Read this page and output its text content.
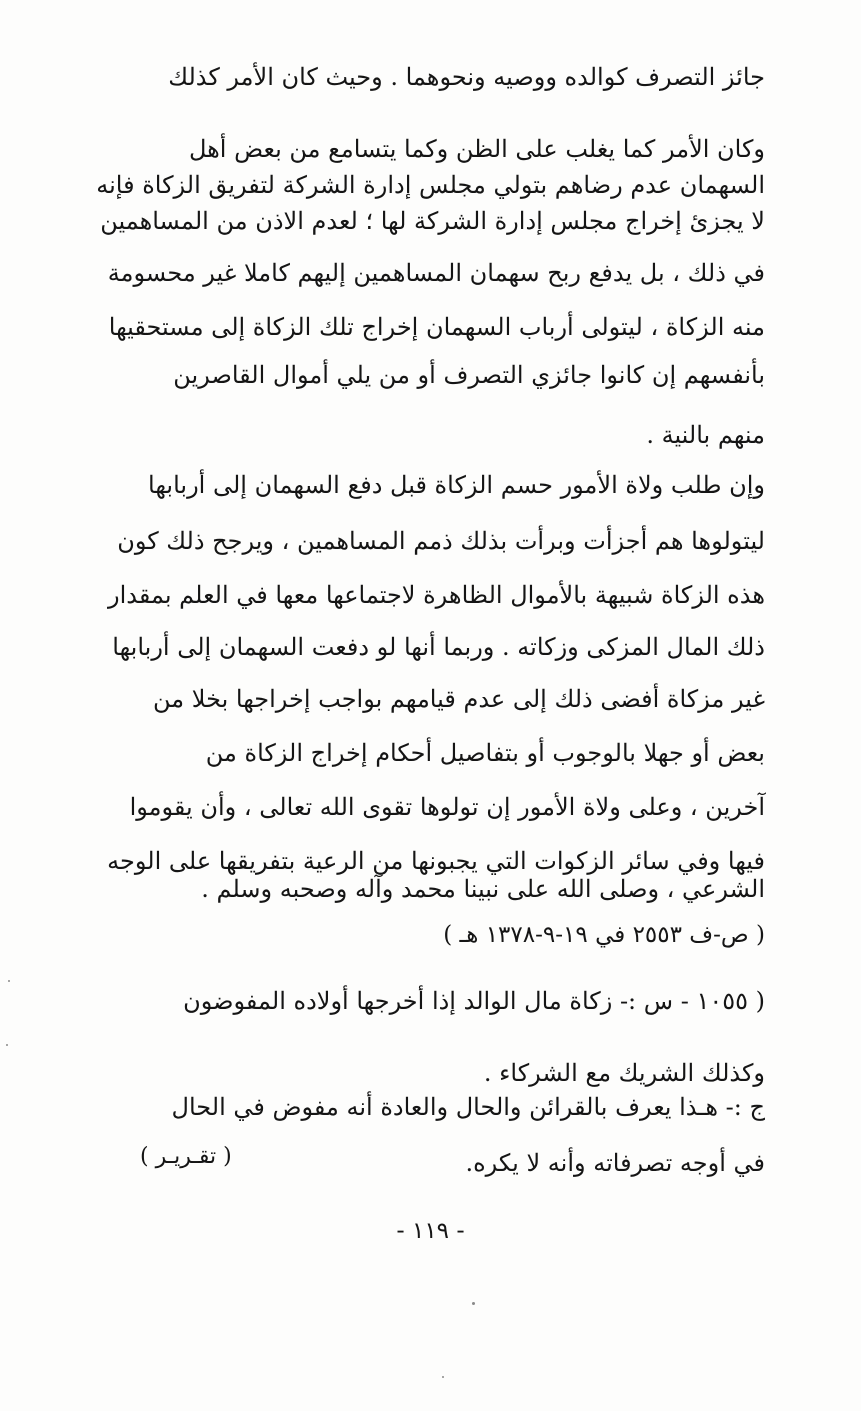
جائز التصرف كوالده ووصيه ونحوهما . وحيث كان الأمر كذلك
وكان الأمر كما يغلب على الظن وكما يتسامع من بعض أهل
السهمان عدم رضاهم بتولي مجلس إدارة الشركة لتفريق الزكاة فإنه
لا يجزئ إخراج مجلس إدارة الشركة لها ؛ لعدم الاذن من المساهمين
في ذلك ، بل يدفع ربح سهمان المساهمين إليهم كاملا غير محسومة
منه الزكاة ، ليتولى أرباب السهمان إخراج تلك الزكاة إلى مستحقيها
بأنفسهم إن كانوا جائزي التصرف أو من يلي أموال القاصرين
منهم بالنية .
وإن طلب ولاة الأمور حسم الزكاة قبل دفع السهمان إلى أربابها
ليتولوها هم أجزأت وبرأت بذلك ذمم المساهمين ، ويرجح ذلك كون
هذه الزكاة شبيهة بالأموال الظاهرة لاجتماعها معها في العلم بمقدار
ذلك المال المزكى وزكاته . وربما أنها لو دفعت السهمان إلى أربابها
غير مزكاة أفضى ذلك إلى عدم قيامهم بواجب إخراجها بخلا من
بعض أو جهلا بالوجوب أو بتفاصيل أحكام إخراج الزكاة من
آخرين ، وعلى ولاة الأمور إن تولوها تقوى الله تعالى ، وأن يقوموا
فيها وفي سائر الزكوات التي يجبونها من الرعية بتفريقها على الوجه
الشرعي ، وصلى الله على نبينا محمد وآله وصحبه وسلم .
( ص-ف ٢٥٥٣ في ١٩-٩-١٣٧٨ هـ )
( ١٠٥٥ - س :- زكاة مال الوالد إذا أخرجها أولاده المفوضون
وكذلك الشريك مع الشركاء .
ج :- هـذا يعرف بالقرائن والحال والعادة أنه مفوض في الحال
في أوجه تصرفاته وأنه لا يكره.
( تقـريـر )
- ١١٩ -
